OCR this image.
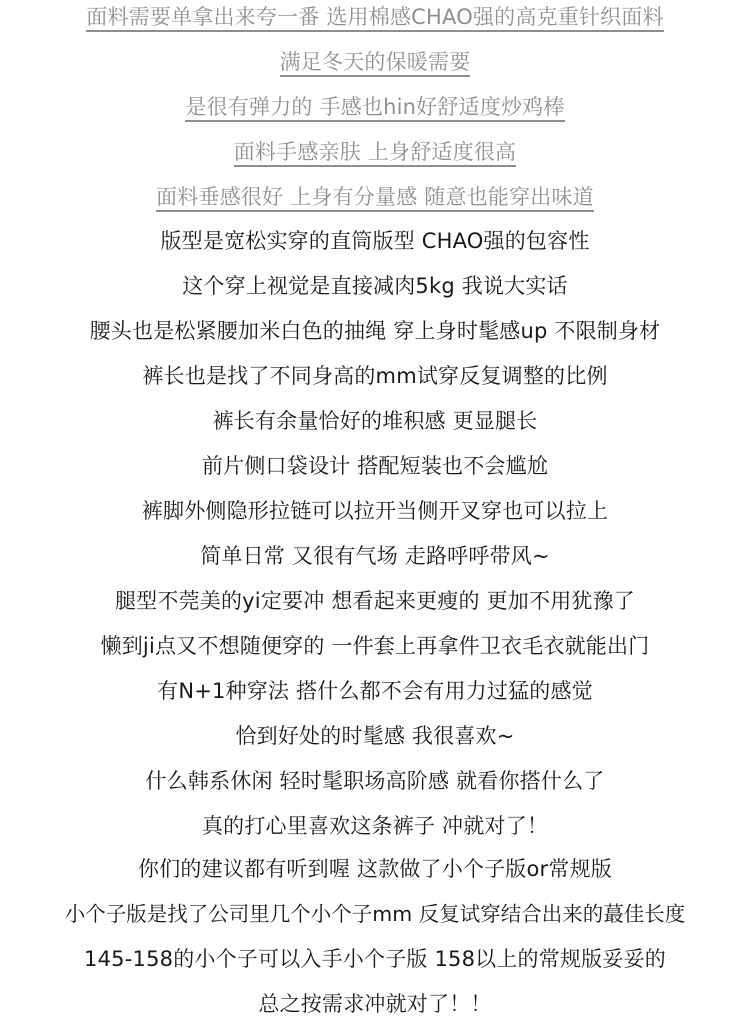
面料需要单拿出来夸一番 选用棉感CHAO强的高克重针织面料
满足冬天的保暖需要
是很有弹力的 手感也hin好舒适度炒鸡棒
面料手感亲肤 上身舒适度很高
面料垂感很好 上身有分量感 随意也能穿出味道
版型是宽松实穿的直筒版型 CHAO强的包容性
这个穿上视觉是直接减肉5kg 我说大实话
腰头也是松紧腰加米白色的抽绳 穿上身时髦感up 不限制身材
裤长也是找了不同身高的mm试穿反复调整的比例
裤长有余量恰好的堆积感 更显腿长
前片侧口袋设计 搭配短装也不会尴尬
裤脚外侧隐形拉链可以拉开当侧开叉穿也可以拉上
简单日常 又很有气场 走路呼呼带风~
腿型不莞美的yi定要冲 想看起来更瘦的 更加不用犹豫了
懒到ji点又不想随便穿的 一件套上再拿件卫衣毛衣就能出门
有N+1种穿法 搭什么都不会有用力过猛的感觉
恰到好处的时髦感 我很喜欢~
什么韩系休闲 轻时髦职场高阶感 就看你搭什么了
真的打心里喜欢这条裤子 冲就对了！
你们的建议都有听到喔 这款做了小个子版or常规版
小个子版是找了公司里几个小个子mm 反复试穿结合出来的蕞佳长度
145-158的小个子可以入手小个子版 158以上的常规版妥妥的
总之按需求冲就对了！！
